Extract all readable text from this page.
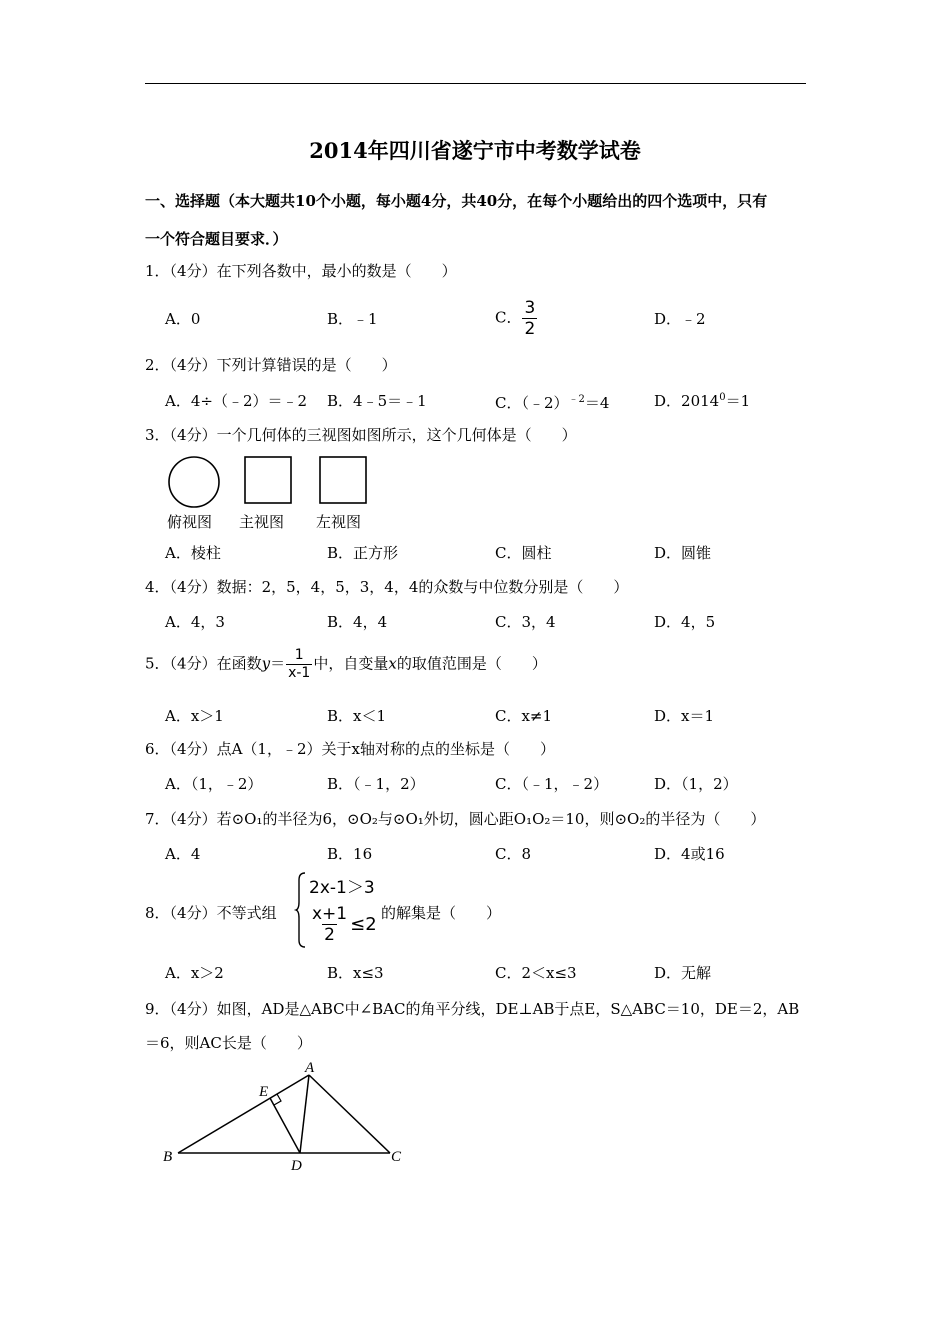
2014年四川省遂宁市中考数学试卷
一、选择题（本大题共10个小题，每小题4分，共40分，在每个小题给出的四个选项中，只有
一个符合题目要求．）
1．（4分）在下列各数中，最小的数是（　　）
A．0	B．﹣1	C． $\frac{3}{2}$	D．﹣2
2．（4分）下列计算错误的是（　　）
A．4÷（﹣2）＝﹣2 B．4﹣5＝﹣1	C．（﹣2）$^{﹣2}$＝4	D．$2014^0=1$
3．（4分）一个几何体的三视图如图所示，这个几何体是（　　）
俯视图 主视图 左视图
A．棱柱	B．正方形	C．圆柱	D．圆锥
4．（4分）数据：2，5，4，5，3，4，4的众数与中位数分别是（　　）
A．4，3	B．4，4	C．3，4	D．4，5
5．（4分）在函数$y= \frac{1}{x-1}$ 中，自变量x的取值范围是（　　）
A．x＞1	B．x＜1	C．x≠1	D．x＝1
6．（4分）点A（1，﹣2）关于x轴对称的点的坐标是（　　）
A．（1，﹣2）	B．（﹣1，2）	C．（﹣1，﹣2）	D．（1，2）
7．（4分）若⊙O₁的半径为6，⊙O₂与⊙O₁外切，圆心距O₁O₂＝10，则⊙O₂的半径为（　　）
A．4	B．16	C．8	D．4或16
8．（4分）不等式组
2x-1＞3
$\frac{x+1}{2} \le 2$
的解集是（　　）
A．x＞2	B．x≤3	C．2＜x≤3	D．无解
9．（4分）如图，AD是△ABC中∠BAC的角平分线，DE⊥AB于点E，S△ABC＝10，DE＝2，AB
＝6，则AC长是（　　）
A
B	C
D
E
